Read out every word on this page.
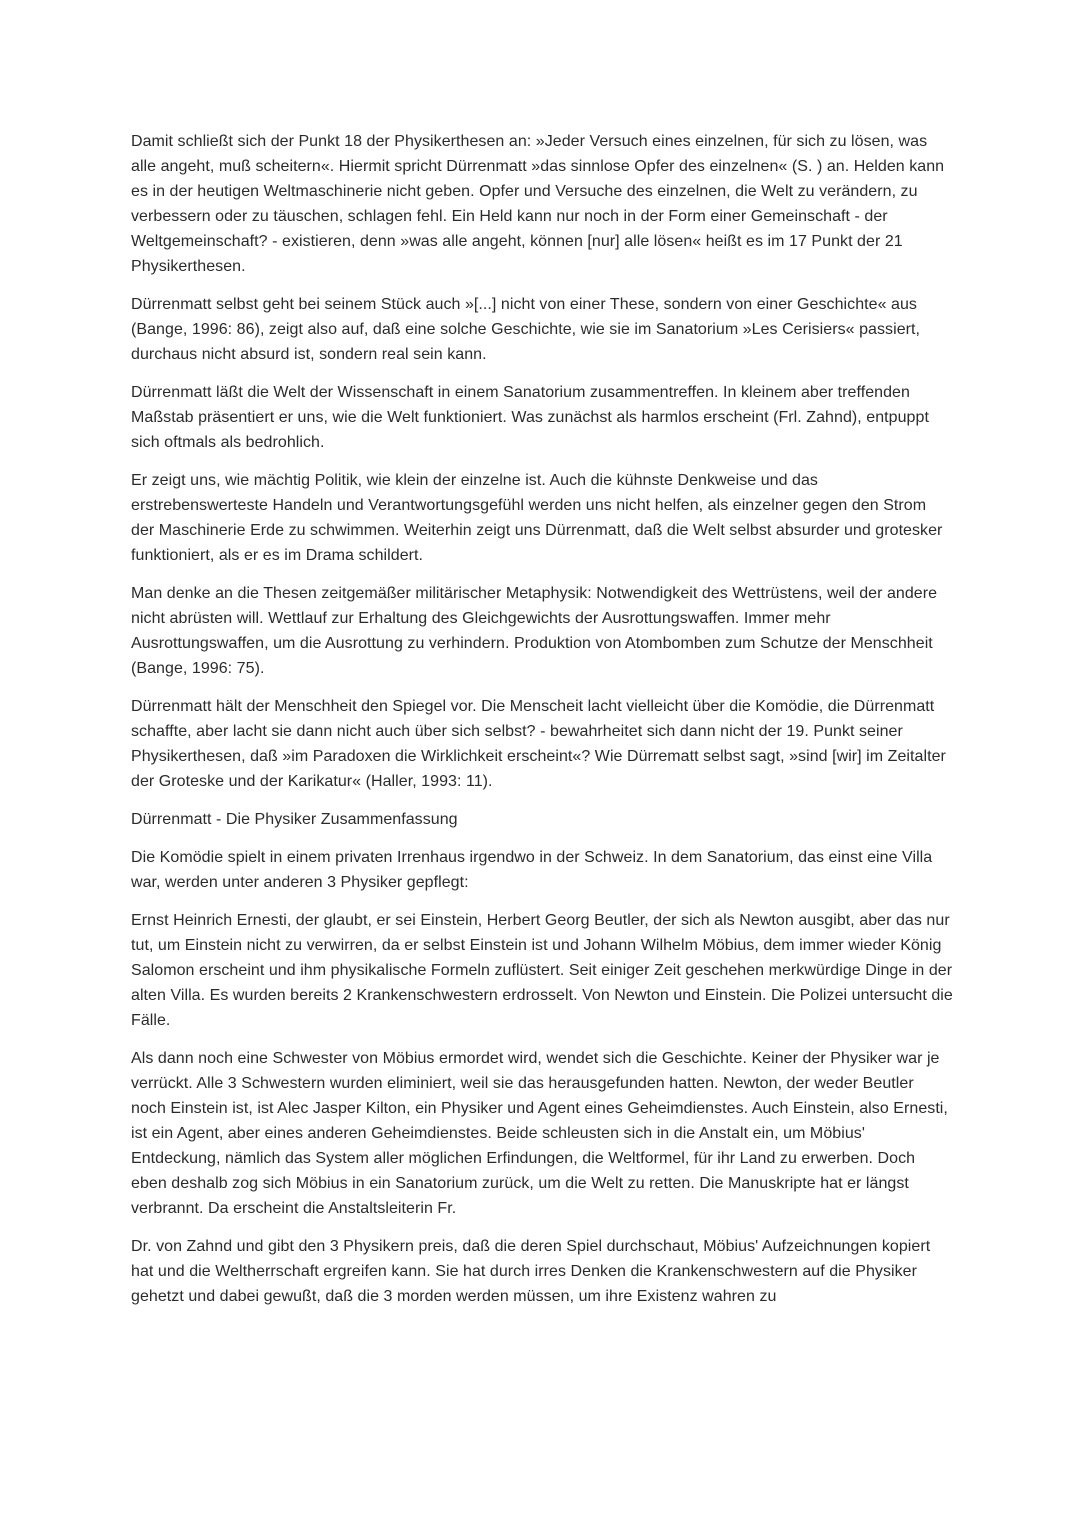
Damit schließt sich der Punkt 18 der Physikerthesen an: »Jeder Versuch eines einzelnen, für sich zu lösen, was alle angeht, muß scheitern«. Hiermit spricht Dürrenmatt »das sinnlose Opfer des einzelnen« (S. ) an. Helden kann es in der heutigen Weltmaschinerie nicht geben. Opfer und Versuche des einzelnen, die Welt zu verändern, zu verbessern oder zu täuschen, schlagen fehl. Ein Held kann nur noch in der Form einer Gemeinschaft - der Weltgemeinschaft? - existieren, denn »was alle angeht, können [nur] alle lösen« heißt es im 17 Punkt der 21 Physikerthesen.

Dürrenmatt selbst geht bei seinem Stück auch »[...] nicht von einer These, sondern von einer Geschichte« aus (Bange, 1996: 86), zeigt also auf, daß eine solche Geschichte, wie sie im Sanatorium »Les Cerisiers« passiert, durchaus nicht absurd ist, sondern real sein kann.

Dürrenmatt läßt die Welt der Wissenschaft in einem Sanatorium zusammentreffen. In kleinem aber treffenden Maßstab präsentiert er uns, wie die Welt funktioniert. Was zunächst als harmlos erscheint (Frl. Zahnd), entpuppt sich oftmals als bedrohlich.

Er zeigt uns, wie mächtig Politik, wie klein der einzelne ist. Auch die kühnste Denkweise und das erstrebenswerteste Handeln und Verantwortungsgefühl werden uns nicht helfen, als einzelner gegen den Strom der Maschinerie Erde zu schwimmen. Weiterhin zeigt uns Dürrenmatt, daß die Welt selbst absurder und grotesker funktioniert, als er es im Drama schildert.

Man denke an die Thesen zeitgemäßer militärischer Metaphysik: Notwendigkeit des Wettrüstens, weil der andere nicht abrüsten will. Wettlauf zur Erhaltung des Gleichgewichts der Ausrottungswaffen. Immer mehr Ausrottungswaffen, um die Ausrottung zu verhindern. Produktion von Atombomben zum Schutze der Menschheit (Bange, 1996: 75).

Dürrenmatt hält der Menschheit den Spiegel vor. Die Menscheit lacht vielleicht über die Komödie, die Dürrenmatt schaffte, aber lacht sie dann nicht auch über sich selbst? - bewahrheitet sich dann nicht der 19. Punkt seiner Physikerthesen, daß »im Paradoxen die Wirklichkeit erscheint«? Wie Dürrematt selbst sagt, »sind [wir] im Zeitalter der Groteske und der Karikatur« (Haller, 1993: 11).

Dürrenmatt - Die Physiker Zusammenfassung

Die Komödie spielt in einem privaten Irrenhaus irgendwo in der Schweiz. In dem Sanatorium, das einst eine Villa war, werden unter anderen 3 Physiker gepflegt:

Ernst Heinrich Ernesti, der glaubt, er sei Einstein, Herbert Georg Beutler, der sich als Newton ausgibt, aber das nur tut, um Einstein nicht zu verwirren, da er selbst Einstein ist und Johann Wilhelm Möbius, dem immer wieder König Salomon erscheint und ihm physikalische Formeln zuflüstert. Seit einiger Zeit geschehen merkwürdige Dinge in der alten Villa. Es wurden bereits 2 Krankenschwestern erdrosselt. Von Newton und Einstein. Die Polizei untersucht die Fälle.

Als dann noch eine Schwester von Möbius ermordet wird, wendet sich die Geschichte. Keiner der Physiker war je verrückt. Alle 3 Schwestern wurden eliminiert, weil sie das herausgefunden hatten. Newton, der weder Beutler noch Einstein ist, ist Alec Jasper Kilton, ein Physiker und Agent eines Geheimdienstes. Auch Einstein, also Ernesti, ist ein Agent, aber eines anderen Geheimdienstes. Beide schleusten sich in die Anstalt ein, um Möbius' Entdeckung, nämlich das System aller möglichen Erfindungen, die Weltformel, für ihr Land zu erwerben. Doch eben deshalb zog sich Möbius in ein Sanatorium zurück, um die Welt zu retten. Die Manuskripte hat er längst verbrannt. Da erscheint die Anstaltsleiterin Fr.

Dr. von Zahnd und gibt den 3 Physikern preis, daß die deren Spiel durchschaut, Möbius' Aufzeichnungen kopiert hat und die Weltherrschaft ergreifen kann. Sie hat durch irres Denken die Krankenschwestern auf die Physiker gehetzt und dabei gewußt, daß die 3 morden werden müssen, um ihre Existenz wahren zu
